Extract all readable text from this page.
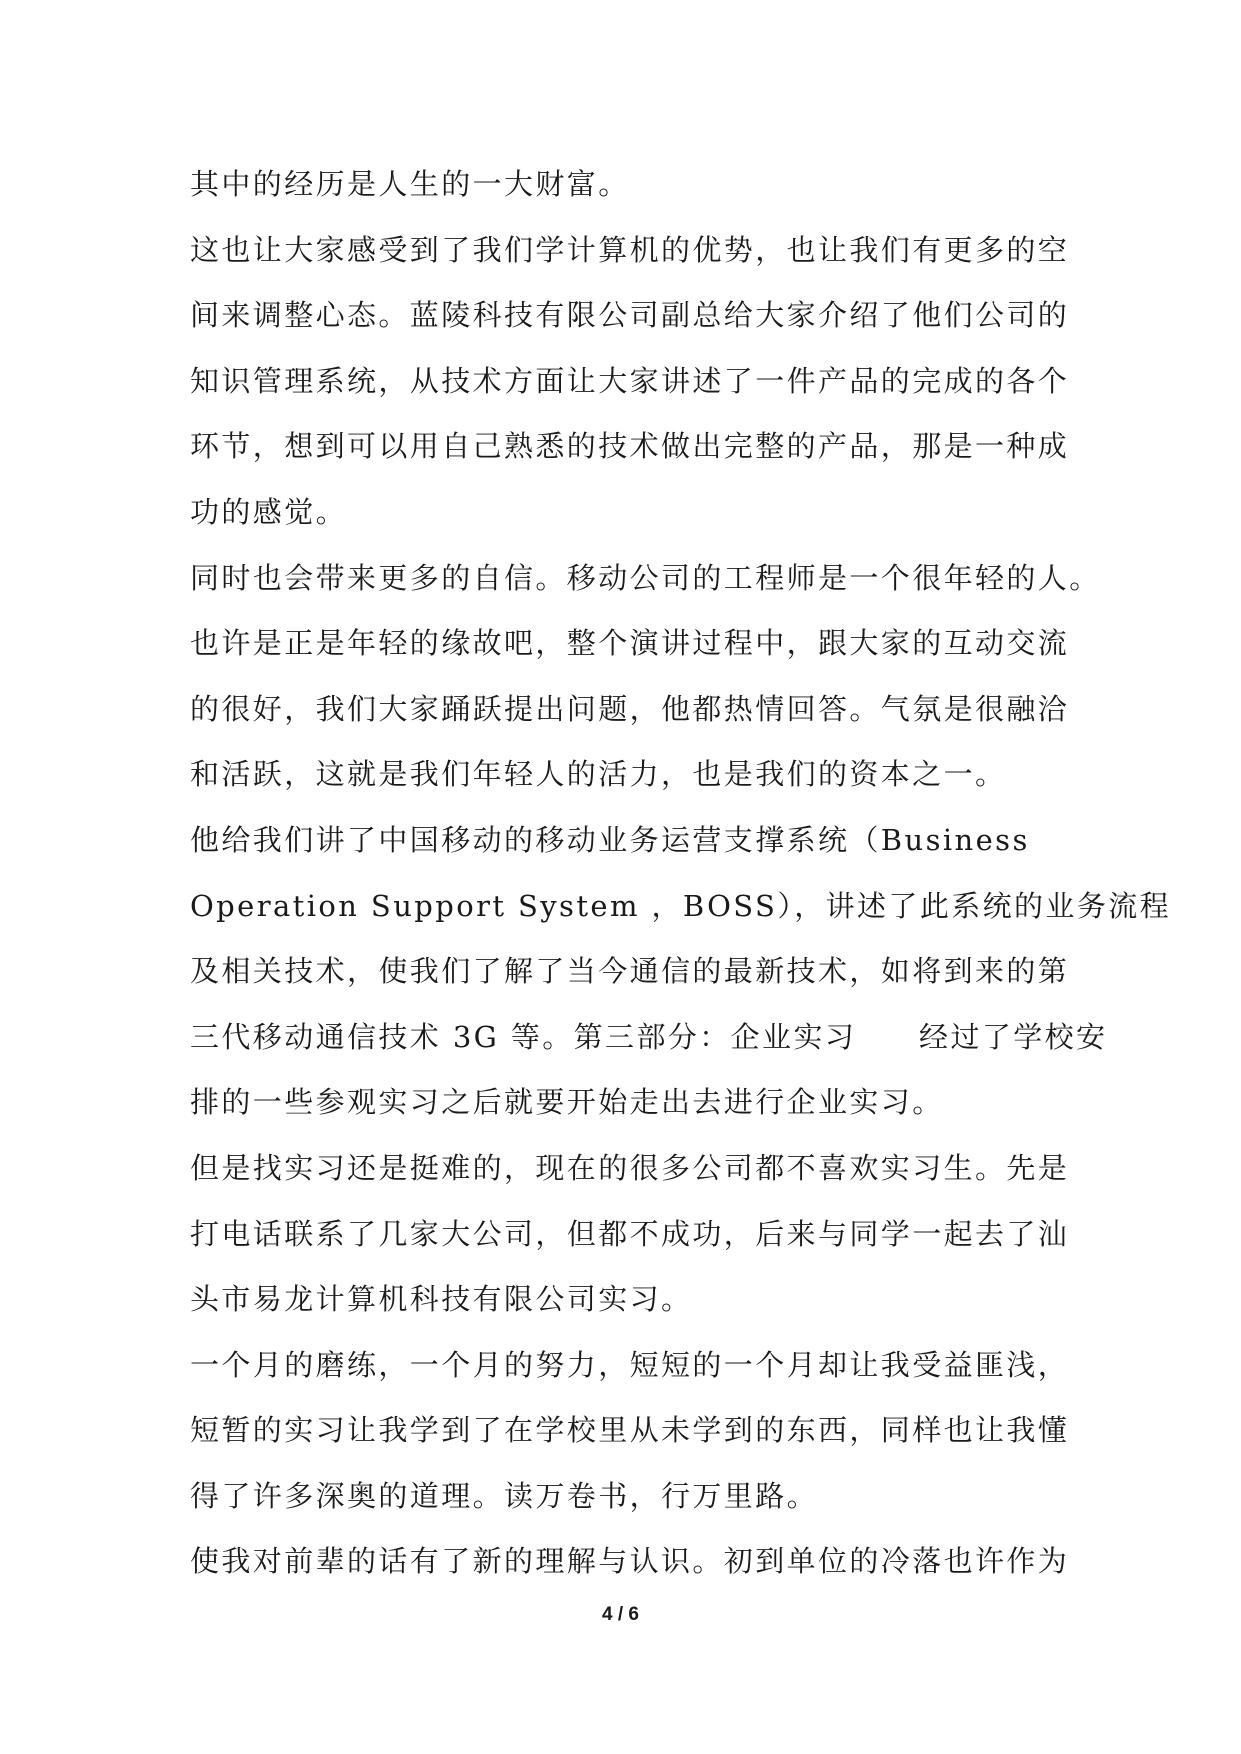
其中的经历是人生的一大财富。
这也让大家感受到了我们学计算机的优势，也让我们有更多的空
间来调整心态。蓝陵科技有限公司副总给大家介绍了他们公司的
知识管理系统，从技术方面让大家讲述了一件产品的完成的各个
环节，想到可以用自己熟悉的技术做出完整的产品，那是一种成
功的感觉。
同时也会带来更多的自信。移动公司的工程师是一个很年轻的人。
也许是正是年轻的缘故吧，整个演讲过程中，跟大家的互动交流
的很好，我们大家踊跃提出问题，他都热情回答。气氛是很融洽
和活跃，这就是我们年轻人的活力，也是我们的资本之一。
他给我们讲了中国移动的移动业务运营支撑系统（Business
Operation Support System ，BOSS），讲述了此系统的业务流程
及相关技术，使我们了解了当今通信的最新技术，如将到来的第
三代移动通信技术 3G 等。第三部分：企业实习　　经过了学校安
排的一些参观实习之后就要开始走出去进行企业实习。
但是找实习还是挺难的，现在的很多公司都不喜欢实习生。先是
打电话联系了几家大公司，但都不成功，后来与同学一起去了汕
头市易龙计算机科技有限公司实习。
一个月的磨练，一个月的努力，短短的一个月却让我受益匪浅，
短暂的实习让我学到了在学校里从未学到的东西，同样也让我懂
得了许多深奥的道理。读万卷书，行万里路。
使我对前辈的话有了新的理解与认识。初到单位的冷落也许作为
4 / 6
